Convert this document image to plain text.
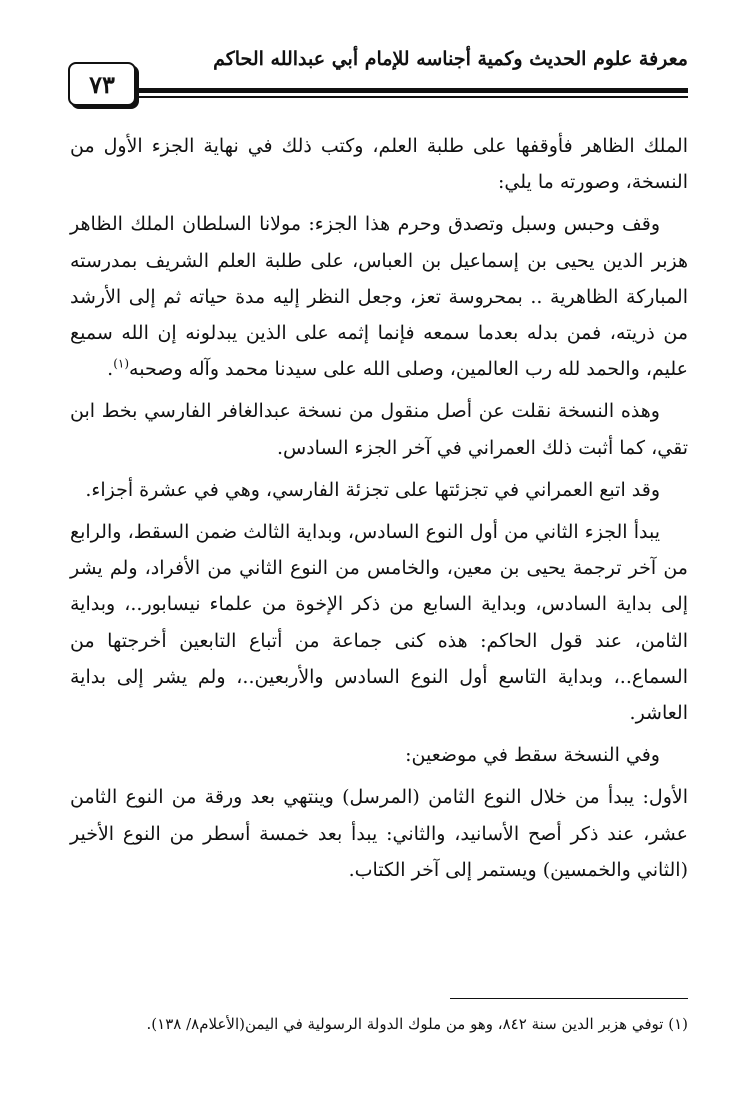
معرفة علوم الحديث وكمية أجناسه للإمام أبي عبدالله الحاكم
٧٣

الملك الظاهر فأوقفها على طلبة العلم، وكتب ذلك في نهاية الجزء الأول من النسخة، وصورته ما يلي:

وقف وحبس وسبل وتصدق وحرم هذا الجزء: مولانا السلطان الملك الظاهر هزبر الدين يحيى بن إسماعيل بن العباس، على طلبة العلم الشريف بمدرسته المباركة الظاهرية .. بمحروسة تعز، وجعل النظر إليه مدة حياته ثم إلى الأرشد من ذريته، فمن بدله بعدما سمعه فإنما إثمه على الذين يبدلونه إن الله سميع عليم، والحمد لله رب العالمين، وصلى الله على سيدنا محمد وآله وصحبه$^{(١)}$.

وهذه النسخة نقلت عن أصل منقول من نسخة عبدالغافر الفارسي بخط ابن تقي، كما أثبت ذلك العمراني في آخر الجزء السادس.

وقد اتبع العمراني في تجزئتها على تجزئة الفارسي، وهي في عشرة أجزاء.

يبدأ الجزء الثاني من أول النوع السادس، وبداية الثالث ضمن السقط، والرابع من آخر ترجمة يحيى بن معين، والخامس من النوع الثاني من الأفراد، ولم يشر إلى بداية السادس، وبداية السابع من ذكر الإخوة من علماء نيسابور..، وبداية الثامن، عند قول الحاكم: هذه كنى جماعة من أتباع التابعين أخرجتها من السماع..، وبداية التاسع أول النوع السادس والأربعين..، ولم يشر إلى بداية العاشر.

وفي النسخة سقط في موضعين:

الأول: يبدأ من خلال النوع الثامن (المرسل) وينتهي بعد ورقة من النوع الثامن عشر، عند ذكر أصح الأسانيد، والثاني: يبدأ بعد خمسة أسطر من النوع الأخير (الثاني والخمسين) ويستمر إلى آخر الكتاب.

(١) توفي هزبر الدين سنة ٨٤٢، وهو من ملوك الدولة الرسولية في اليمن(الأعلام٨/ ١٣٨).
